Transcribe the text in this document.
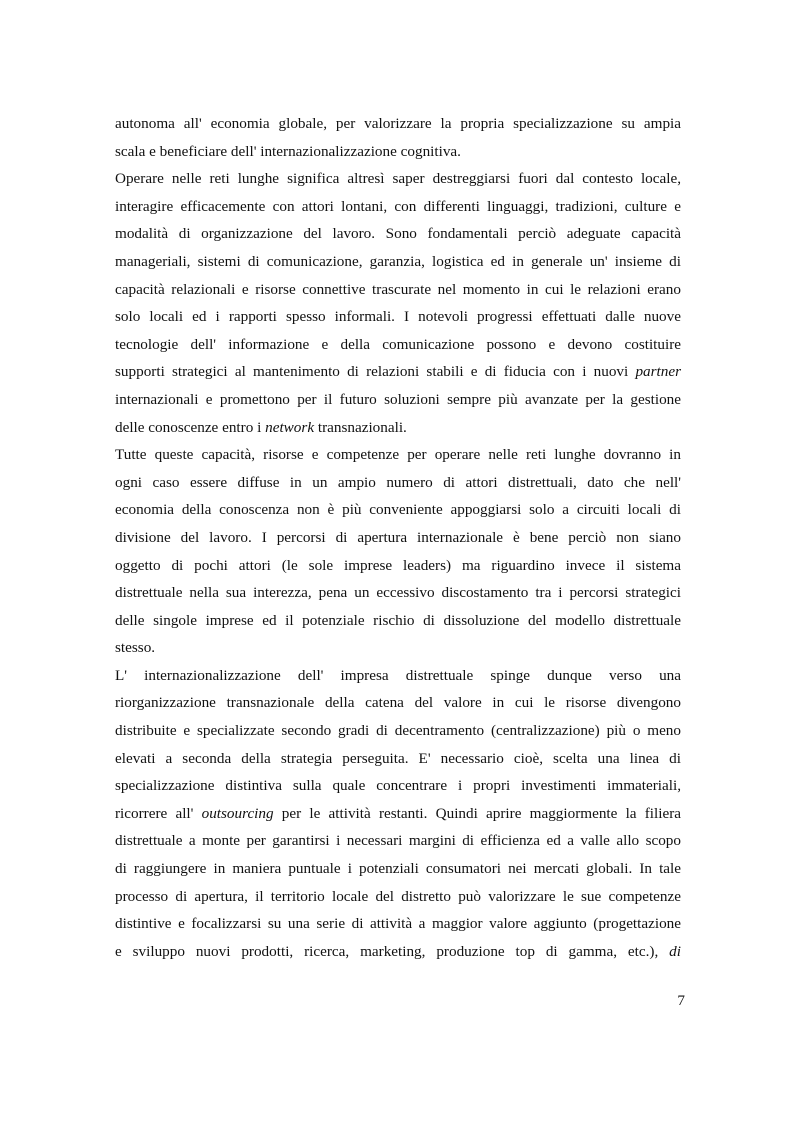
autonoma all' economia globale, per valorizzare la propria specializzazione su ampia
scala e beneficiare dell' internazionalizzazione cognitiva.
Operare nelle reti lunghe significa altresì saper destreggiarsi fuori dal contesto locale,
interagire efficacemente con attori lontani, con differenti linguaggi, tradizioni, culture e
modalità di organizzazione del lavoro. Sono fondamentali perciò adeguate capacità
manageriali, sistemi di comunicazione, garanzia, logistica ed in generale un' insieme di
capacità relazionali e risorse connettive trascurate nel momento in cui le relazioni erano
solo locali ed i rapporti spesso informali. I notevoli progressi effettuati dalle nuove
tecnologie dell' informazione e della comunicazione possono e devono costituire
supporti strategici al mantenimento di relazioni stabili e di fiducia con i nuovi partner
internazionali e promettono per il futuro soluzioni sempre più avanzate per la gestione
delle conoscenze entro i network transnazionali.
Tutte queste capacità, risorse e competenze per operare nelle reti lunghe dovranno in
ogni caso essere diffuse in un ampio numero di attori distrettuali, dato che nell'
economia della conoscenza non è più conveniente appoggiarsi solo a circuiti locali di
divisione del lavoro. I percorsi di apertura internazionale è bene perciò non siano
oggetto di pochi attori (le sole imprese leaders) ma riguardino invece il sistema
distrettuale nella sua interezza, pena un eccessivo discostamento tra i percorsi strategici
delle singole imprese ed il potenziale rischio di dissoluzione del modello distrettuale
stesso.
L' internazionalizzazione dell' impresa distrettuale spinge dunque verso una
riorganizzazione transnazionale della catena del valore in cui le risorse divengono
distribuite e specializzate secondo gradi di decentramento (centralizzazione) più o meno
elevati a seconda della strategia perseguita. E' necessario cioè, scelta una linea di
specializzazione distintiva sulla quale concentrare i propri investimenti immateriali,
ricorrere all' outsourcing per le attività restanti. Quindi aprire maggiormente la filiera
distrettuale a monte per garantirsi i necessari margini di efficienza ed a valle allo scopo
di raggiungere in maniera puntuale i potenziali consumatori nei mercati globali. In tale
processo di apertura, il territorio locale del distretto può valorizzare le sue competenze
distintive e focalizzarsi su una serie di attività a maggior valore aggiunto (progettazione
e sviluppo nuovi prodotti, ricerca, marketing, produzione top di gamma, etc.), di
7
